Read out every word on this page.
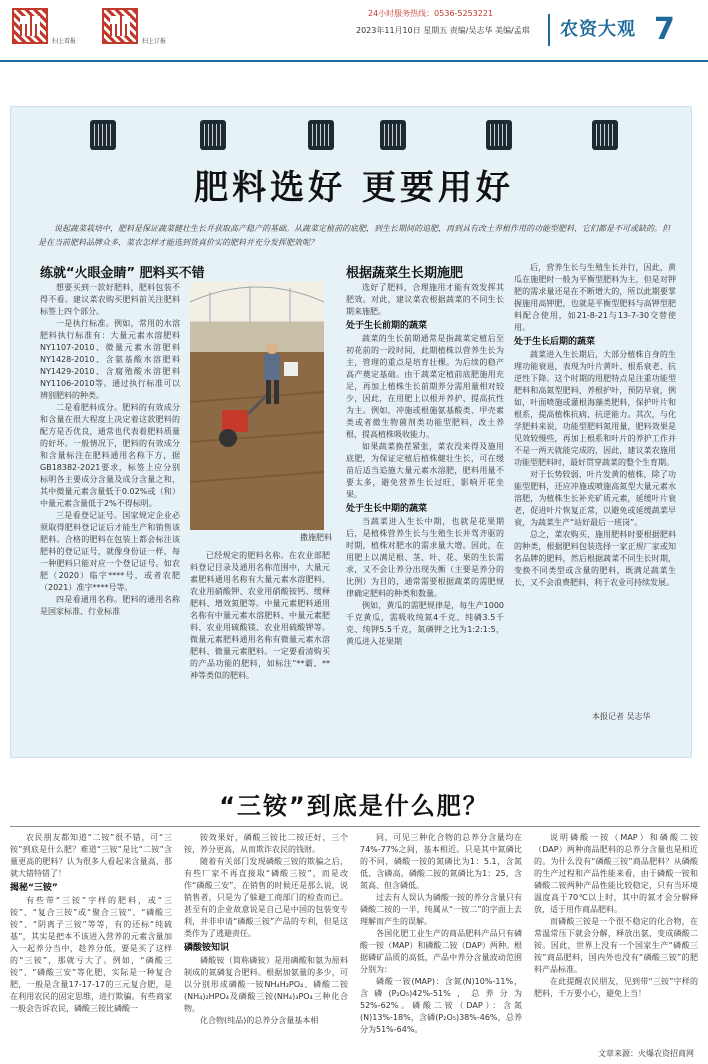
扫上看报	扫上订报
24小时服务热线：0536-5253221
2023年11月10日 星期五 责编/吴志华 美编/孟琪	农资大观 7
肥料选好 更要用好
说起蔬菜栽培中，肥料是保证蔬菜健壮生长并获取高产稳产的基础。从蔬菜定植前的底肥，到生长期间的追肥，再到具有改土养根作用的功能型肥料，它们都是不可或缺的。但是在当前肥料品牌众多，菜农怎样才能选到货真价实的肥料并充分发挥肥效呢？
练就“火眼金睛” 肥料买不错

想要买到一款好肥料，肥料包装不得不看。建议菜农购买肥料前关注肥料标签上四个部分。

一是执行标准。例如，常用的水溶肥料执行标准有：大量元素水溶肥料NY1107-2010、微量元素水溶肥料NY1428-2010、含氨基酸水溶肥料NY1429-2010、含腐殖酸水溶肥料NY1106-2010等。通过执行标准可以辨别肥料的种类。

二是看肥料成分。肥料的有效成分和含量在很大程度上决定着这款肥料的配方是否优良，通常也代表着肥料质量的好坏。一般情况下，肥料的有效成分和含量标注在肥料通用名称下方，据GB18382-2021要求，标签上应分别标明各主要成分含量及成分含量之和，其中微量元素含量低于0.02%或（和）中量元素含量低于2%不得标明。

三是看登记证号。国家规定企业必须取得肥料登记证后才能生产和销售该肥料。合格的肥料在包装上都会标注该肥料的登记证号，就像身份证一样，每一种肥料只能对应一个登记证号。如农肥（2020）临字****号，或者农肥（2021）准字****号等。

四是看通用名称。肥料的通用名称是国家标准、行业标准

撒施肥料

已经规定的肥料名称。在农业部肥料登记目录及通用名称范围中，大量元素肥料通用名称有大量元素水溶肥料、农业用硝酸钾、农业用硝酸铵钙、缓释肥料、增效氮肥等。中量元素肥料通用名称有中量元素水溶肥料、中量元素肥料、农业用硫酸镁、农业用硫酸钾等。微量元素肥料通用名称有微量元素水溶肥料、微量元素肥料。一定要看清购买的产品功能的肥料，如标注“**霸、**神等类似的肥料。

根据蔬菜生长期施肥

选好了肥料，合理施用才能有效发挥其肥效。对此，建议菜农根据蔬菜的不同生长期来施肥。

处于生长前期的蔬菜

蔬菜的生长前期通常是指蔬菜定植后至初花前的一段时间，此期植株以营养生长为主，管理的重点是培育壮棵。为后续的稳产高产奠定基础。由于蔬菜定植前底肥施用充足，再加上植株生长前期养分需用量相对较少，因此，在用肥上以根并养护、提高抗性为主。例如，冲施或根施氨基酸类、甲壳素类或者微生物菌剂类功能型肥料，改土养根，提高植株吸收能力。

如果蔬菜换茬紧张，菜农没来得及施用底肥，为保证定植后植株健壮生长，可在缓苗后适当追施大量元素水溶肥，肥料用量不要太多，避免营养生长过旺，影响开花坐果。

处于生长中期的蔬菜

当蔬菜进入生长中期，也就是花果期后，是植株营养生长与生殖生长并驾齐驱的时期，植株对肥水的需求量大增。因此，在用肥上以满足根、茎、叶、花、果的生长需求，又不会让养分出现失衡（主要是养分的比例）为目的，通常需要根据蔬菜的需肥规律确定肥料的种类和数量。

例如，黄瓜的需肥规律是，每生产1000千克黄瓜，需吸收纯氮4千克、纯磷3.5千克、纯钾5.5千克，氮磷钾之比为1:2:1:5，黄瓜进入花果期

后，营养生长与生殖生长并行，因此，黄瓜在施肥时一般为平衡型肥料为主，但是对钾肥的需求量还是在不断增大的，所以此期要掌握施用高钾肥，也就是平衡型肥料与高钾型肥料配合使用，如21-8-21与13-7-30交替使用。

处于生长后期的蔬菜

蔬菜进入生长期后，大部分植株自身的生理功能衰退，表现为叶片黄叶、根系衰老、抗逆性下降。这个时期的用肥特点是注重功能型肥料和高氮型肥料，养根护叶，预防早衰，例如，叶面喷施或灌根海藻类肥料，保护叶片和根系，提高植株抗病、抗逆能力。其次，与化学肥料来说，功能型肥料氮用量，肥料效果是见效较慢些，再加上根系和叶片的养护工作并不是一两天就能完成的，因此，建议菜农施用功能型肥料时，最好贯穿蔬菜的整个生育期。

对于长势较弱、叶片发黄的植株，除了功能型肥料，还应冲施或喷施高氮型大量元素水溶肥，为植株生长补充矿质元素，延缓叶片衰老，促进叶片恢复正常，以避免或延缓蔬菜早衰，为蔬菜生产“站好最后一班岗”。

总之，菜农购买、施用肥料时要根据肥料的种类，根据肥料包装选择一家正规厂家或知名品牌的肥料，然后根据蔬菜不同生长时期，变换不同类型或含量的肥料，既满足蔬菜生长，又不会浪费肥料，利于农业可持续发展。

本报记者 吴志华
“三铵”到底是什么肥？

农民朋友都知道“二铵”很不错，可“三铵”到底是什么肥？难道“三铵”是比“二铵”含量更高的肥料？认为很多人看起来含量高，那就大错特错了！

揭秘“三铵”

有些带“三铵”字样的肥料，或“三铵”、“复合三铵”或“聚合三铵”、“磷酸三铵”、“阴离子三铵”等等，有的还标“纯硫基”，其实是把本不该进入营养的元素含量加入一起养分当中，趁养分低，要是买了这样的“三铵”，那就亏大了。例如，“磷酸三铵”、“磷酸三安”等化肥，实际是一种复合肥，一般是含量17-17-17的三元复合肥，是在利用农民的固定思维，进行欺骗。有些商家一般会告诉农民，磷酸三铵比磷酸一

铵效果好，磷酸三铵比二铵还好，三个铵，养分更高，从而欺诈农民的钱财。

随着有关部门发现磷酸三铵的欺骗之后，有些厂家不再直接取“磷酸三铵”，而是改作“磷酸三安”，在销售的时候还是那么说，说销售者，只是为了躲避工商部门的检查而已。甚至有的企业故意说是自己是中国的包装变专利，并非申请“磷酸三铵”产品的专利，但是这类作为了逃避责任。

磷酸铵知识

磷酸铵（简称磷铵）是用磷酸和氨为原料制成的氮磷复合肥料。根据加氨量的多少，可以分别形成磷酸一铵NH₄H₂PO₄、磷酸二铵(NH₄)₂HPO₄及磷酸三铵(NH₄)₃PO₄三种化合物。

化合物(纯品)的总养分含量基本相

同，可见三种化合物的总养分含量均在74%-77%之间，基本相近。只是其中氮磷比的不同，磷酸一铵的氮磷比为1：5.1，含氮低、含磷高，磷酸二铵的氮磷比为1：25，含氮高、但含磷低。

过去有人误认为磷酸一铵的养分含量只有磷酸二铵的一半，纯属从“一铵二”的字面上去理解而产生的误解。

各国化肥工业生产的商品肥料产品只有磷酸一铵（MAP）和磷酸二铵（DAP）两种。根据磷矿品质的高低，产品中养分含量波动范围分别为：

磷酸一铵(MAP)：含氮(N)10%-11%，含磷(P₂O₅)42%-51%，总养分为52%-62%。磷酸二铵（DAP）：含氮(N)13%-18%，含磷(P₂O₅)38%-46%，总养分为51%-64%。

说明磷酸一铵（MAP）和磷酸二铵（DAP）两种商品肥料的总养分含量也是相近的。为什么没有“磷酸三铵”商品肥料？从磷酸的生产过程和产品性能来看，由于磷酸一铵和磷酸二铵两种产品性能比较稳定，只有当环境温度高于70℃以上时，其中的氮才会分解释放，适于用作商品肥料。

而磷酸三铵是一个很不稳定的化合物，在常温常压下就会分解，释放出氨，变成磷酸二铵。因此，世界上没有一个国家生产“磷酸三铵”商品肥料，国内外也没有“磷酸三铵”的肥料产品标准。

在此提醒农民朋友，见到带“三铵”字样的肥料，千万要小心，避免上当！

文章来源：火爆农资招商网
